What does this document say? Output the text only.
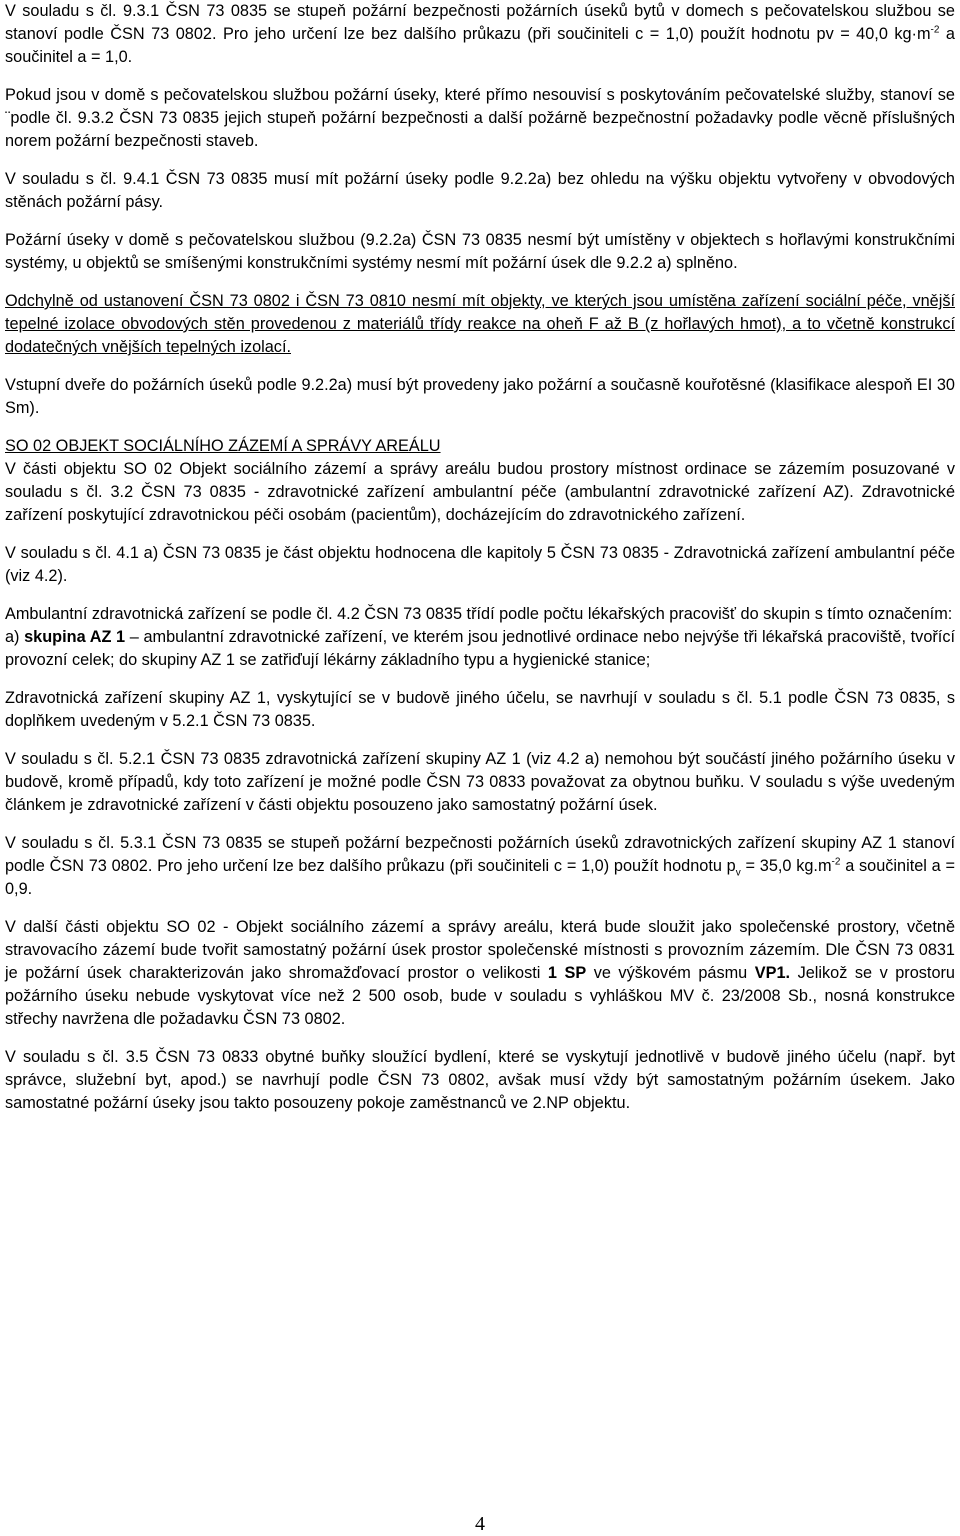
V souladu s čl. 9.3.1 ČSN 73 0835 se stupeň požární bezpečnosti požárních úseků bytů v domech s pečovatelskou službou se stanoví podle ČSN 73 0802. Pro jeho určení lze bez dalšího průkazu (při součiniteli c = 1,0) použít hodnotu pv = 40,0 $kg\cdot m^{-2}$ a součinitel a = 1,0.

Pokud jsou v domě s pečovatelskou službou požární úseky, které přímo nesouvisí s poskytováním pečovatelské služby, stanoví se ¨podle čl. 9.3.2 ČSN 73 0835 jejich stupeň požární bezpečnosti a další požárně bezpečnostní požadavky podle věcně příslušných norem požární bezpečnosti staveb.

V souladu s čl. 9.4.1 ČSN 73 0835 musí mít požární úseky podle 9.2.2a) bez ohledu na výšku objektu vytvořeny v obvodových stěnách požární pásy.

Požární úseky v domě s pečovatelskou službou (9.2.2a) ČSN 73 0835 nesmí být umístěny v objektech s hořlavými konstrukčními systémy, u objektů se smíšenými konstrukčními systémy nesmí mít požární úsek dle 9.2.2 a) splněno.

Odchylně od ustanovení ČSN 73 0802 i ČSN 73 0810 nesmí mít objekty, ve kterých jsou umístěna zařízení sociální péče, vnější tepelné izolace obvodových stěn provedenou z materiálů třídy reakce na oheň F až B (z hořlavých hmot), a to včetně konstrukcí dodatečných vnějších tepelných izolací.

Vstupní dveře do požárních úseků podle 9.2.2a) musí být provedeny jako požární a současně kouřotěsné (klasifikace alespoň EI 30 Sm).

SO 02 OBJEKT SOCIÁLNÍHO ZÁZEMÍ A SPRÁVY AREÁLU

V části objektu SO 02 Objekt sociálního zázemí a správy areálu budou prostory místnost ordinace se zázemím posuzované v souladu s čl. 3.2 ČSN 73 0835 - zdravotnické zařízení ambulantní péče (ambulantní zdravotnické zařízení AZ). Zdravotnické zařízení poskytující zdravotnickou péči osobám (pacientům), docházejícím do zdravotnického zařízení.

V souladu s čl. 4.1 a) ČSN 73 0835 je část objektu hodnocena dle kapitoly 5 ČSN 73 0835 - Zdravotnická zařízení ambulantní péče (viz 4.2).

Ambulantní zdravotnická zařízení se podle čl. 4.2 ČSN 73 0835 třídí podle počtu lékařských pracovišť do skupin s tímto označením:
a) skupina AZ 1 – ambulantní zdravotnické zařízení, ve kterém jsou jednotlivé ordinace nebo nejvýše tři lékařská pracoviště, tvořící provozní celek; do skupiny AZ 1 se zatřiďují lékárny základního typu a hygienické stanice;

Zdravotnická zařízení skupiny AZ 1, vyskytující se v budově jiného účelu, se navrhují v souladu s čl. 5.1 podle ČSN 73 0835, s doplňkem uvedeným v 5.2.1 ČSN 73 0835.

V souladu s čl. 5.2.1 ČSN 73 0835 zdravotnická zařízení skupiny AZ 1 (viz 4.2 a) nemohou být součástí jiného požárního úseku v budově, kromě případů, kdy toto zařízení je možné podle ČSN 73 0833 považovat za obytnou buňku. V souladu s výše uvedeným článkem je zdravotnické zařízení v části objektu posouzeno jako samostatný požární úsek.

V souladu s čl. 5.3.1 ČSN 73 0835 se stupeň požární bezpečnosti požárních úseků zdravotnických zařízení skupiny AZ 1 stanoví podle ČSN 73 0802. Pro jeho určení lze bez dalšího průkazu (při součiniteli c = 1,0) použít hodnotu $p_v = 35,0$ $kg.m^{-2}$ a součinitel a = 0,9.

V další části objektu SO 02 - Objekt sociálního zázemí a správy areálu, která bude sloužit jako společenské prostory, včetně stravovacího zázemí bude tvořit samostatný požární úsek prostor společenské místnosti s provozním zázemím. Dle ČSN 73 0831 je požární úsek charakterizován jako shromažďovací prostor o velikosti 1 SP ve výškovém pásmu VP1. Jelikož se v prostoru požárního úseku nebude vyskytovat více než 2 500 osob, bude v souladu s vyhláškou MV č. 23/2008 Sb., nosná konstrukce střechy navržena dle požadavku ČSN 73 0802.

V souladu s čl. 3.5 ČSN 73 0833 obytné buňky sloužící bydlení, které se vyskytují jednotlivě v budově jiného účelu (např. byt správce, služební byt, apod.) se navrhují podle ČSN 73 0802, avšak musí vždy být samostatným požárním úsekem. Jako samostatné požární úseky jsou takto posouzeny pokoje zaměstnanců ve 2.NP objektu.

4
